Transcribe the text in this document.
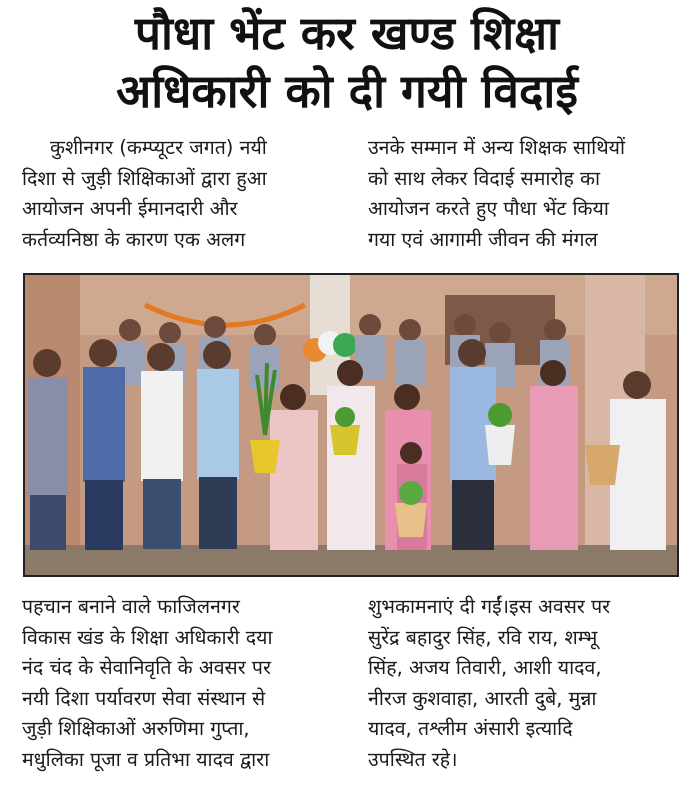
पौधा भेंट कर खण्ड शिक्षा
अधिकारी को दी गयी विदाई
कुशीनगर (कम्प्यूटर जगत) नयी
दिशा से जुड़ी शिक्षिकाओं द्वारा हुआ
आयोजन अपनी ईमानदारी और
कर्तव्यनिष्ठा के कारण एक अलग
उनके सम्मान में अन्य शिक्षक साथियों
को साथ लेकर विदाई समारोह का
आयोजन करते हुए पौधा भेंट किया
गया एवं आगामी जीवन की मंगल
पहचान बनाने वाले फाजिलनगर
विकास खंड के शिक्षा अधिकारी दया
नंद चंद के सेवानिवृति के अवसर पर
नयी दिशा पर्यावरण सेवा संस्थान से
जुड़ी शिक्षिकाओं अरुणिमा गुप्ता,
मधुलिका पूजा व प्रतिभा यादव द्वारा
शुभकामनाएं दी गईं।इस अवसर पर
सुरेंद्र बहादुर सिंह, रवि राय, शम्भू
सिंह, अजय तिवारी, आशी यादव,
नीरज कुशवाहा, आरती दुबे, मुन्ना
यादव, तश्लीम अंसारी इत्यादि
उपस्थित रहे।
